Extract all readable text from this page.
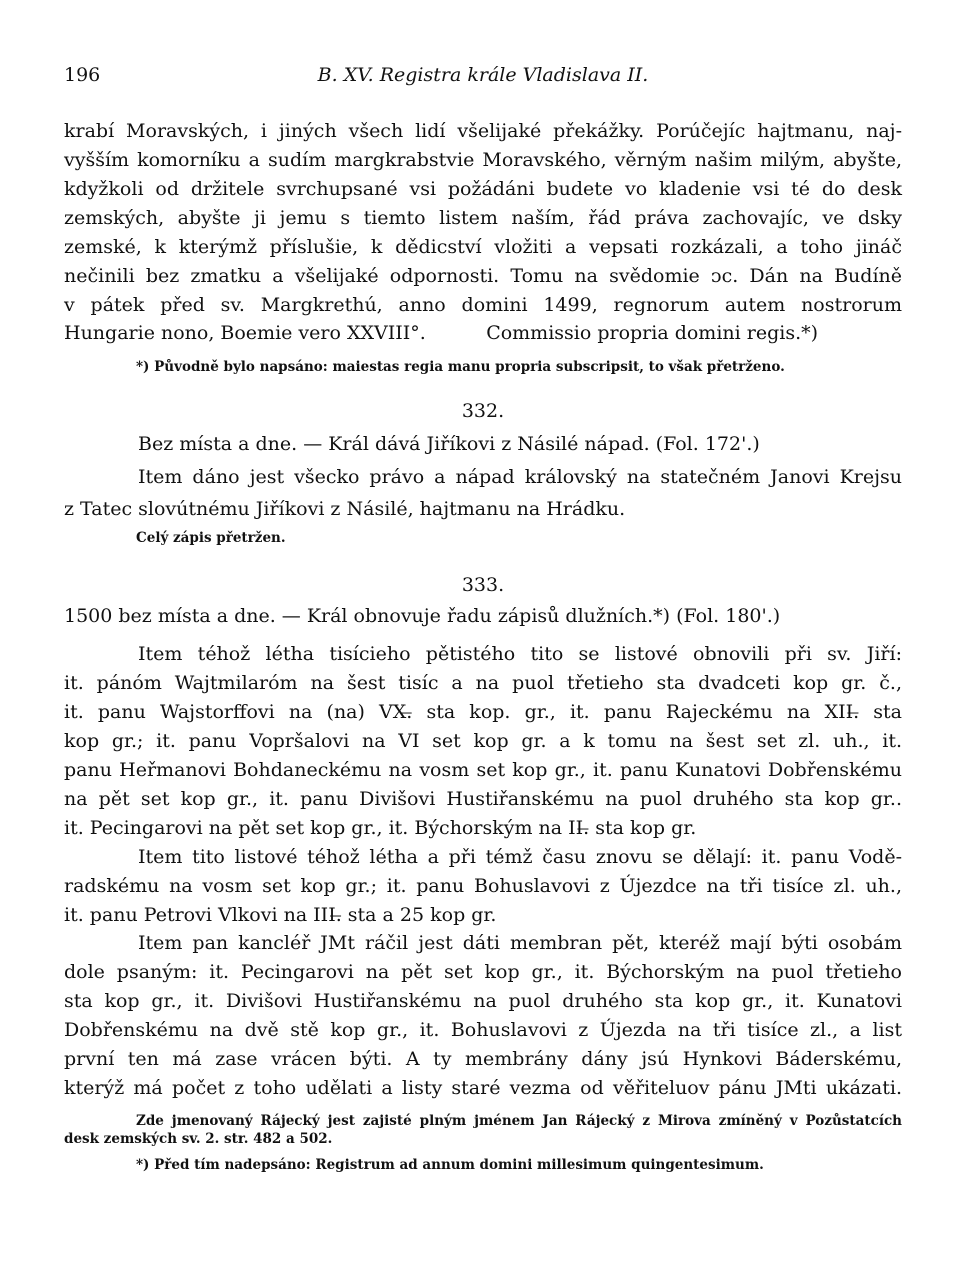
196	B. XV. Registra krále Vladislava II.
krabí Moravských, i jiných všech lidí všelijaké překážky. Porúčejíc hajtmanu, naj-
vyšším komorníku a sudím margkrabstvie Moravského, věrným našim milým, abyšte,
kdyžkoli od držitele svrchupsané vsi požádáni budete vo kladenie vsi té do desk
zemských, abyšte ji jemu s tiemto listem naším, řád práva zachovajíc, ve dsky
zemské, k kterýmž příslušie, k dědicství vložiti a vepsati rozkázali, a toho jináč
nečinili bez zmatku a všelijaké odpornosti. Tomu na svědomie ᴐc. Dán na Budíně
v pátek před sv. Margkrethú, anno domini 1499, regnorum autem nostrorum
Hungarie nono, Boemie vero XXVIII°.          Commissio propria domini regis.*)
*) Původně bylo napsáno: maiestas regia manu propria subscripsit, to však přetrženo.
332.
Bez místa a dne. — Král dává Jiříkovi z Násilé nápad. (Fol. 172'.)
Item dáno jest všecko právo a nápad královský na statečném Janovi Krejsu
z Tatec slovútnému Jiříkovi z Násilé, hajtmanu na Hrádku.
Celý zápis přetržen.
333.
1500 bez místa a dne. — Král obnovuje řadu zápisů dlužních.*) (Fol. 180'.)
Item téhož létha tisícieho pětistého tito se listové obnovili při sv. Jiří:
it. pánóm Wajtmilaróm na šest tisíc a na puol třetieho sta dvadceti kop gr. č.,
it. panu Wajstorffovi na (na) VX.̶ sta kop. gr., it. panu Rajeckému na XII.̶ sta
kop gr.; it. panu Vopršalovi na VI set kop gr. a k tomu na šest set zl. uh., it.
panu Heřmanovi Bohdaneckému na vosm set kop gr., it. panu Kunatovi Dobřenskému
na pět set kop gr., it. panu Divišovi Hustiřanskému na puol druhého sta kop gr..
it. Pecingarovi na pět set kop gr., it. Býchorským na II.̶ sta kop gr.
Item tito listové téhož létha a při témž času znovu se dělají: it. panu Vodě-
radskému na vosm set kop gr.; it. panu Bohuslavovi z Újezdce na tři tisíce zl. uh.,
it. panu Petrovi Vlkovi na III.̶ sta a 25 kop gr.
Item pan kancléř JMt ráčil jest dáti membran pět, kteréž mají býti osobám
dole psaným: it. Pecingarovi na pět set kop gr., it. Býchorským na puol třetieho
sta kop gr., it. Divišovi Hustiřanskému na puol druhého sta kop gr., it. Kunatovi
Dobřenskému na dvě stě kop gr., it. Bohuslavovi z Újezda na tři tisíce zl., a list
první ten má zase vrácen býti. A ty membrány dány jsú Hynkovi Báderskému,
kterýž má počet z toho udělati a listy staré vezma od věřiteluov pánu JMti ukázati.
Zde jmenovaný Rájecký jest zajisté plným jménem Jan Rájecký z Mirova zmíněný v Pozůstatcích
desk zemských sv. 2. str. 482 a 502.
*) Před tím nadepsáno: Registrum ad annum domini millesimum quingentesimum.
